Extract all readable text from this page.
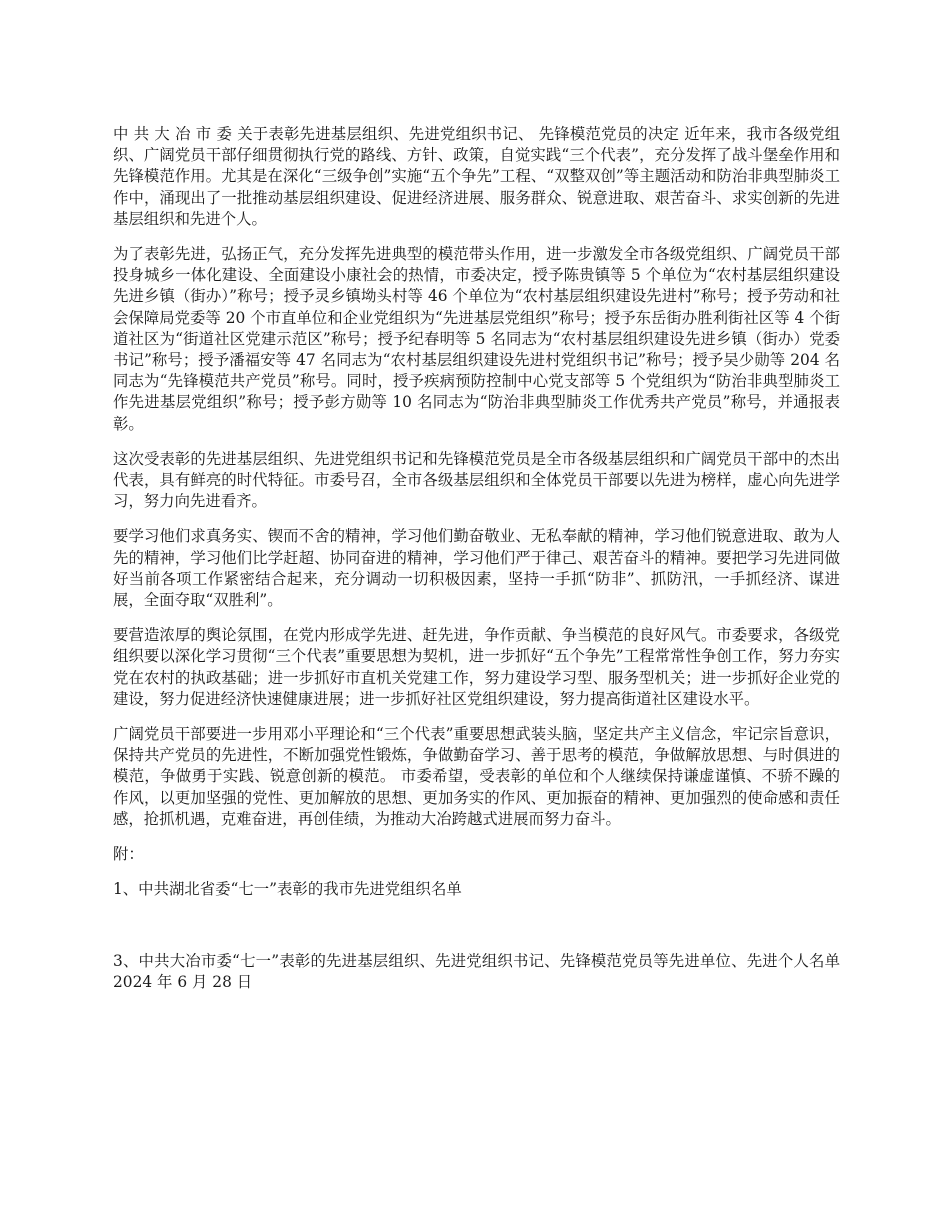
中 共 大 冶 市 委 关于表彰先进基层组织、先进党组织书记、 先锋模范党员的决定 近年来，我市各级党组织、广阔党员干部仔细贯彻执行党的路线、方针、政策，自觉实践“三个代表”，充分发挥了战斗堡垒作用和先锋模范作用。尤其是在深化“三级争创”实施“五个争先”工程、“双整双创”等主题活动和防治非典型肺炎工作中，涌现出了一批推动基层组织建设、促进经济进展、服务群众、锐意进取、艰苦奋斗、求实创新的先进基层组织和先进个人。

为了表彰先进，弘扬正气，充分发挥先进典型的模范带头作用，进一步激发全市各级党组织、广阔党员干部投身城乡一体化建设、全面建设小康社会的热情，市委决定，授予陈贵镇等 5 个单位为“农村基层组织建设先进乡镇（街办）”称号；授予灵乡镇坳头村等 46 个单位为“农村基层组织建设先进村”称号；授予劳动和社会保障局党委等 20 个市直单位和企业党组织为“先进基层党组织”称号；授予东岳街办胜利街社区等 4 个街道社区为“街道社区党建示范区”称号；授予纪春明等 5 名同志为“农村基层组织建设先进乡镇（街办）党委书记”称号；授予潘福安等 47 名同志为“农村基层组织建设先进村党组织书记”称号；授予吴少勋等 204 名同志为“先锋模范共产党员”称号。同时，授予疾病预防控制中心党支部等 5 个党组织为“防治非典型肺炎工作先进基层党组织”称号；授予彭方勋等 10 名同志为“防治非典型肺炎工作优秀共产党员”称号，并通报表彰。

这次受表彰的先进基层组织、先进党组织书记和先锋模范党员是全市各级基层组织和广阔党员干部中的杰出代表，具有鲜亮的时代特征。市委号召，全市各级基层组织和全体党员干部要以先进为榜样，虚心向先进学习，努力向先进看齐。

要学习他们求真务实、锲而不舍的精神，学习他们勤奋敬业、无私奉献的精神，学习他们锐意进取、敢为人先的精神，学习他们比学赶超、协同奋进的精神，学习他们严于律己、艰苦奋斗的精神。要把学习先进同做好当前各项工作紧密结合起来，充分调动一切积极因素，坚持一手抓“防非”、抓防汛，一手抓经济、谋进展，全面夺取“双胜利”。

要营造浓厚的舆论氛围，在党内形成学先进、赶先进，争作贡献、争当模范的良好风气。市委要求，各级党组织要以深化学习贯彻“三个代表”重要思想为契机，进一步抓好“五个争先”工程常常性争创工作，努力夯实党在农村的执政基础；进一步抓好市直机关党建工作，努力建设学习型、服务型机关；进一步抓好企业党的建设，努力促进经济快速健康进展；进一步抓好社区党组织建设，努力提高街道社区建设水平。

广阔党员干部要进一步用邓小平理论和“三个代表”重要思想武装头脑，坚定共产主义信念，牢记宗旨意识，保持共产党员的先进性，不断加强党性锻炼，争做勤奋学习、善于思考的模范，争做解放思想、与时俱进的模范，争做勇于实践、锐意创新的模范。 市委希望，受表彰的单位和个人继续保持谦虚谨慎、不骄不躁的作风，以更加坚强的党性、更加解放的思想、更加务实的作风、更加振奋的精神、更加强烈的使命感和责任感，抢抓机遇，克难奋进，再创佳绩，为推动大冶跨越式进展而努力奋斗。

附：

1、中共湖北省委“七一”表彰的我市先进党组织名单

3、中共大冶市委“七一”表彰的先进基层组织、先进党组织书记、先锋模范党员等先进单位、先进个人名单 2024 年 6 月 28 日
